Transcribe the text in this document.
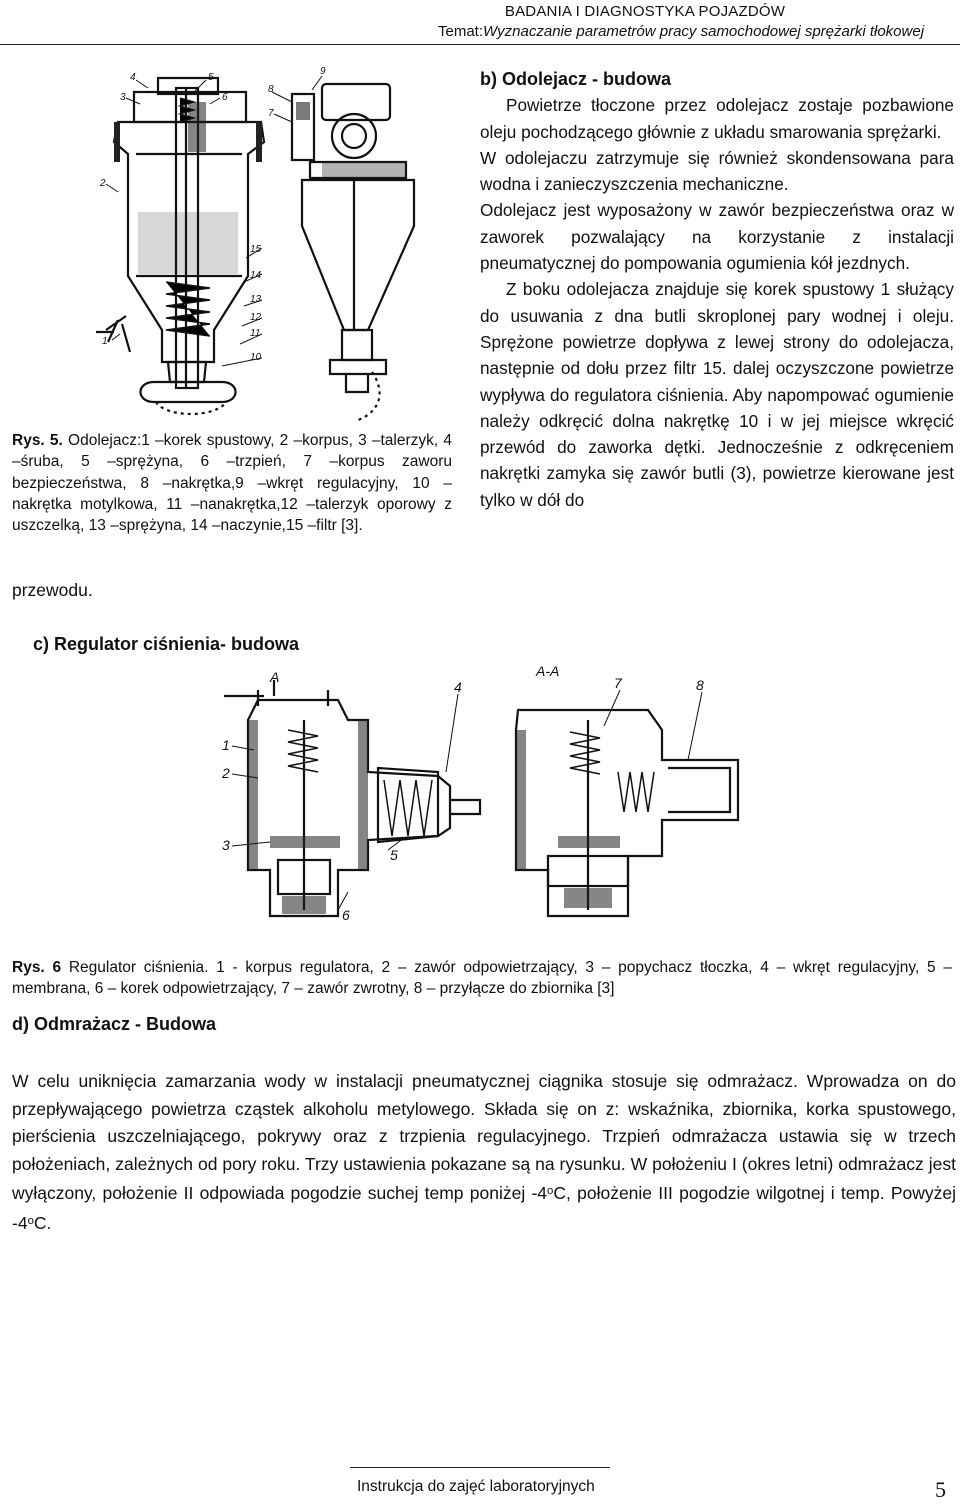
BADANIA I DIAGNOSTYKA POJAZDÓW
Temat:Wyznaczanie parametrów pracy samochodowej sprężarki tłokowej
4	5
3	6
2
15
14
13
12
11
10
1
8
7
9	b) Odolejacz - budowa

Powietrze tłoczone przez odolejacz zostaje pozbawione oleju pochodzącego głównie z układu smarowania sprężarki.

W odolejaczu zatrzymuje się również skondensowana para wodna i zanieczyszczenia mechaniczne.

Odolejacz jest wyposażony w zawór bezpieczeństwa oraz w zaworek pozwalający na korzystanie z instalacji pneumatycznej do pompowania ogumienia kół jezdnych.

Z boku odolejacza znajduje się korek spustowy 1 służący do usuwania z dna butli skroplonej pary wodnej i oleju. Sprężone powietrze dopływa z lewej strony do odolejacza, następnie od dołu przez filtr 15. dalej oczyszczone powietrze wypływa do regulatora ciśnienia. Aby napompować ogumienie należy odkręcić dolna nakrętkę 10 i w jej miejsce wkręcić przewód do zaworka dętki. Jednocześnie z odkręceniem nakrętki zamyka się zawór butli (3), powietrze kierowane jest tylko w dół do

Rys. 5. Odolejacz:1 –korek spustowy, 2 –korpus, 3 –talerzyk, 4 –śruba, 5 –sprężyna, 6 –trzpień, 7 –korpus zaworu bezpieczeństwa, 8 –nakrętka,9 –wkręt regulacyjny, 10 –nakrętka motylkowa, 11 –nanakrętka,12 –talerzyk oporowy z uszczelką, 13 –sprężyna, 14 –naczynie,15 –filtr [3].
przewodu.
c) Regulator ciśnienia- budowa
A	A-A
1
2
3
4
5
6
7	8
Rys. 6 Regulator ciśnienia. 1 - korpus regulatora, 2 – zawór odpowietrzający, 3 – popychacz tłoczka, 4 – wkręt regulacyjny, 5 – membrana, 6 – korek odpowietrzający, 7 – zawór zwrotny, 8 – przyłącze do zbiornika [3]
d) Odmrażacz - Budowa
W celu uniknięcia zamarzania wody w instalacji pneumatycznej ciągnika stosuje się odmrażacz. Wprowadza on do przepływającego powietrza cząstek alkoholu metylowego. Składa się on z: wskaźnika, zbiornika, korka spustowego, pierścienia uszczelniającego, pokrywy oraz z trzpienia regulacyjnego. Trzpień odmrażacza ustawia się w trzech położeniach, zależnych od pory roku. Trzy ustawienia pokazane są na rysunku. W położeniu I (okres letni) odmrażacz jest wyłączony, położenie II odpowiada pogodzie suchej temp poniżej -4$^o$C, położenie III pogodzie wilgotnej i temp. Powyżej -4$^o$C.
Instrukcja do zajęć laboratoryjnych	5
